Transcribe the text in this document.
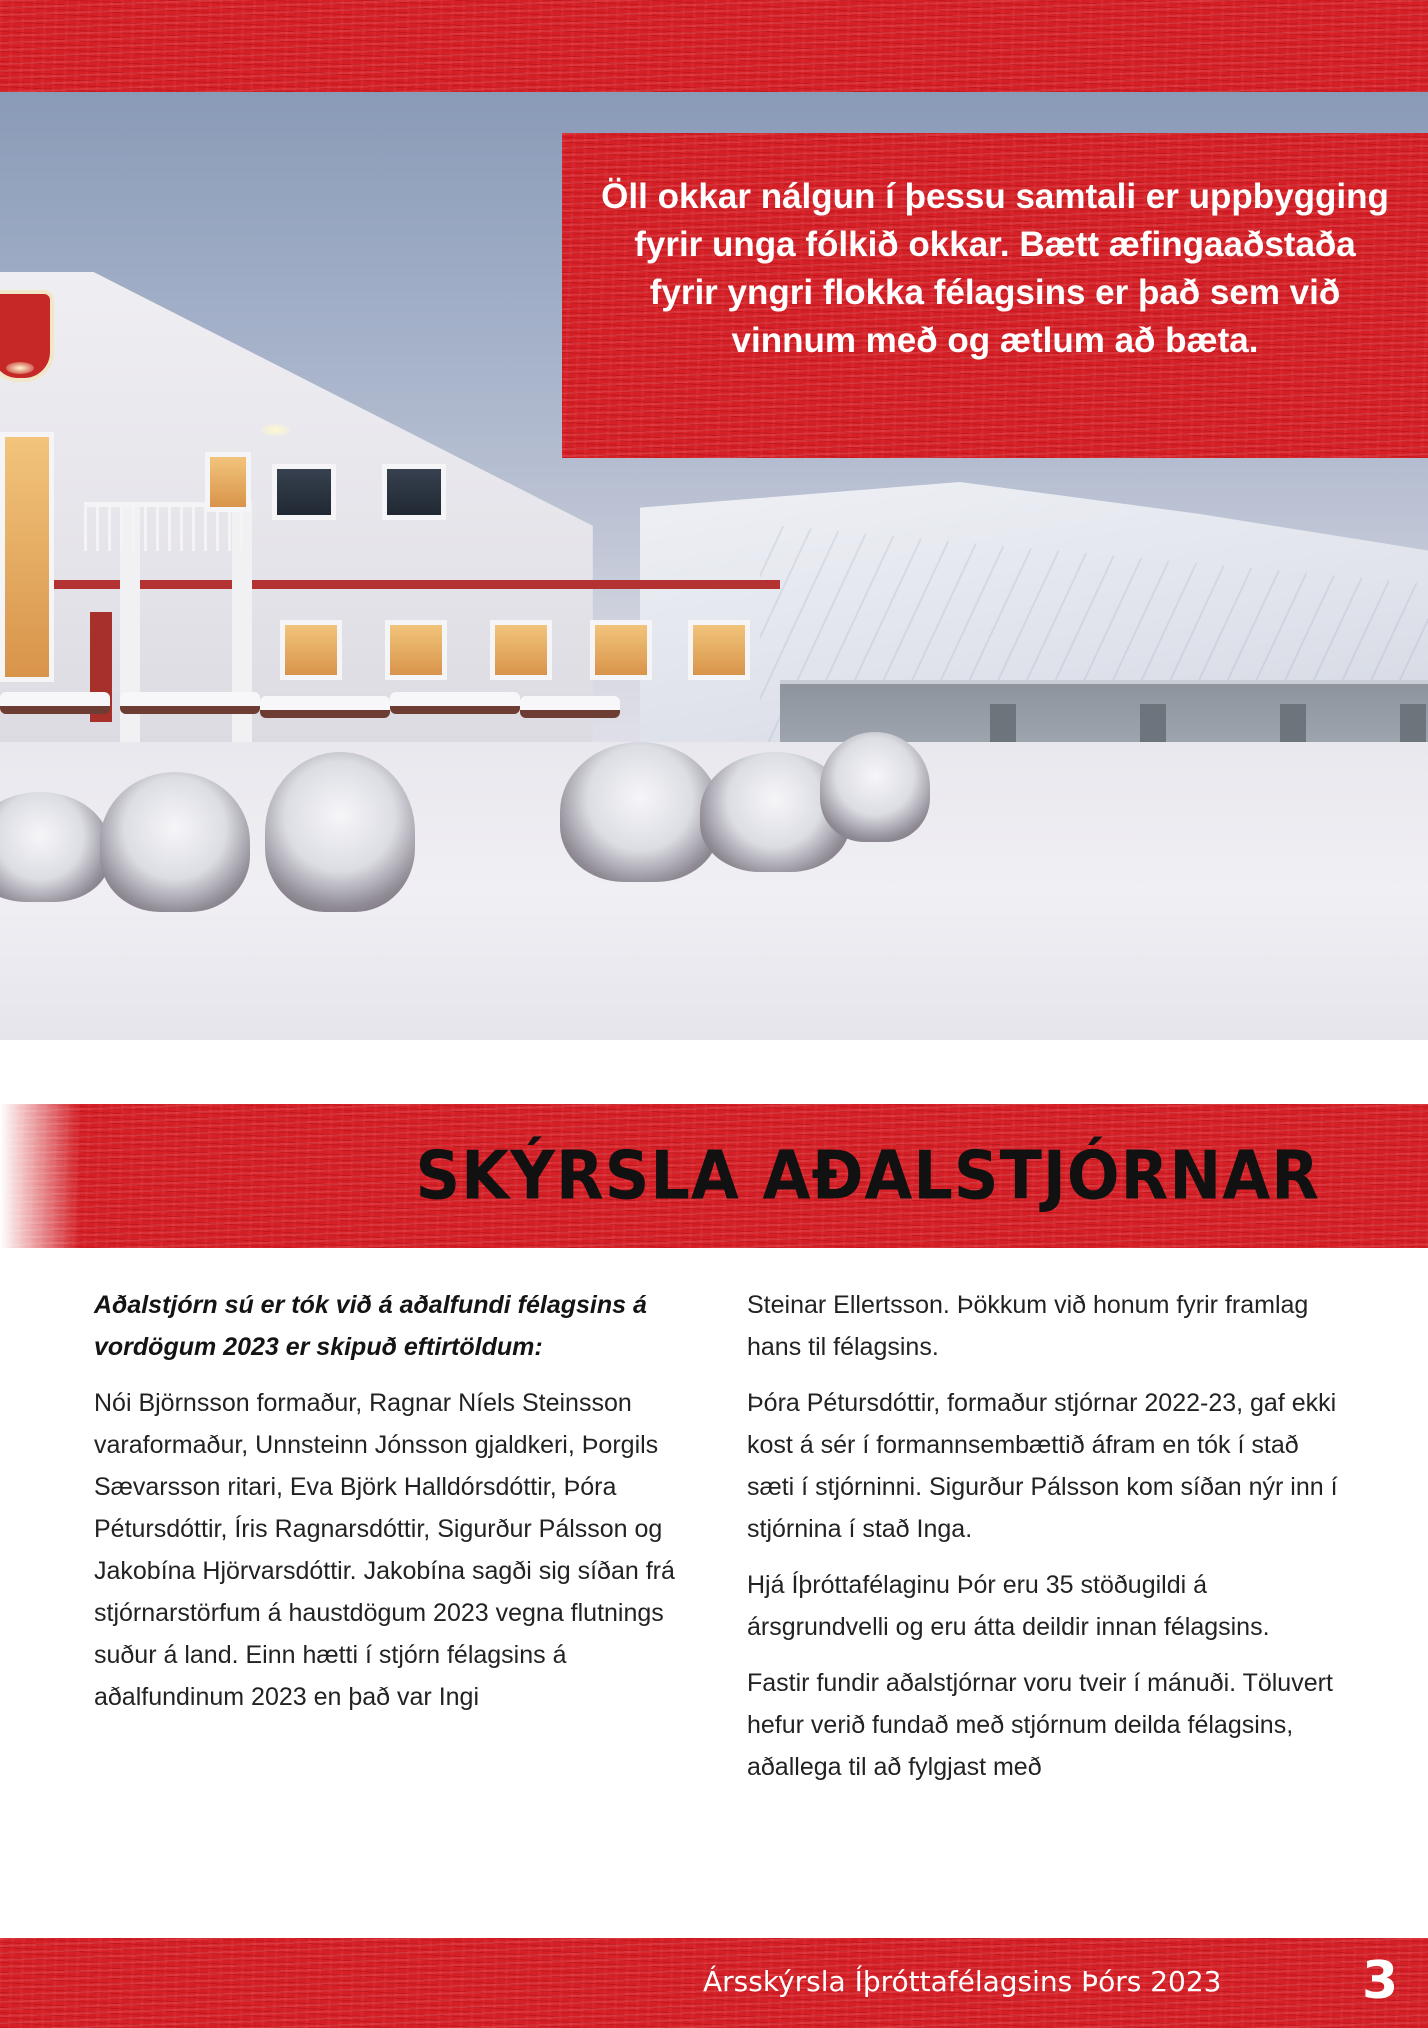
Öll okkar nálgun í þessu samtali er uppbygging fyrir unga fólkið okkar. Bætt æfingaaðstaða fyrir yngri flokka félagsins er það sem við vinnum með og ætlum að bæta.

SKÝRSLA AÐALSTJÓRNAR

Aðalstjórn sú er tók við á aðalfundi félagsins á vordögum 2023 er skipuð eftirtöldum:

Nói Björnsson formaður, Ragnar Níels Steinsson varaformaður, Unnsteinn Jónsson gjaldkeri, Þorgils Sævarsson ritari, Eva Björk Halldórsdóttir, Þóra Pétursdóttir, Íris Ragnarsdóttir, Sigurður Pálsson og Jakobína Hjörvarsdóttir. Jakobína sagði sig síðan frá stjórnarstörfum á haustdögum 2023 vegna flutnings suður á land. Einn hætti í stjórn félagsins á aðalfundinum 2023 en það var Ingi

Steinar Ellertsson. Þökkum við honum fyrir framlag hans til félagsins.

Þóra Pétursdóttir, formaður stjórnar 2022-23, gaf ekki kost á sér í formannsembættið áfram en tók í stað sæti í stjórninni. Sigurður Pálsson kom síðan nýr inn í stjórnina í stað Inga.

Hjá Íþróttafélaginu Þór eru 35 stöðugildi á ársgrundvelli og eru átta deildir innan félagsins.

Fastir fundir aðalstjórnar voru tveir í mánuði. Töluvert hefur verið fundað með stjórnum deilda félagsins, aðallega til að fylgjast með

Ársskýrsla Íþróttafélagsins Þórs 2023	3
